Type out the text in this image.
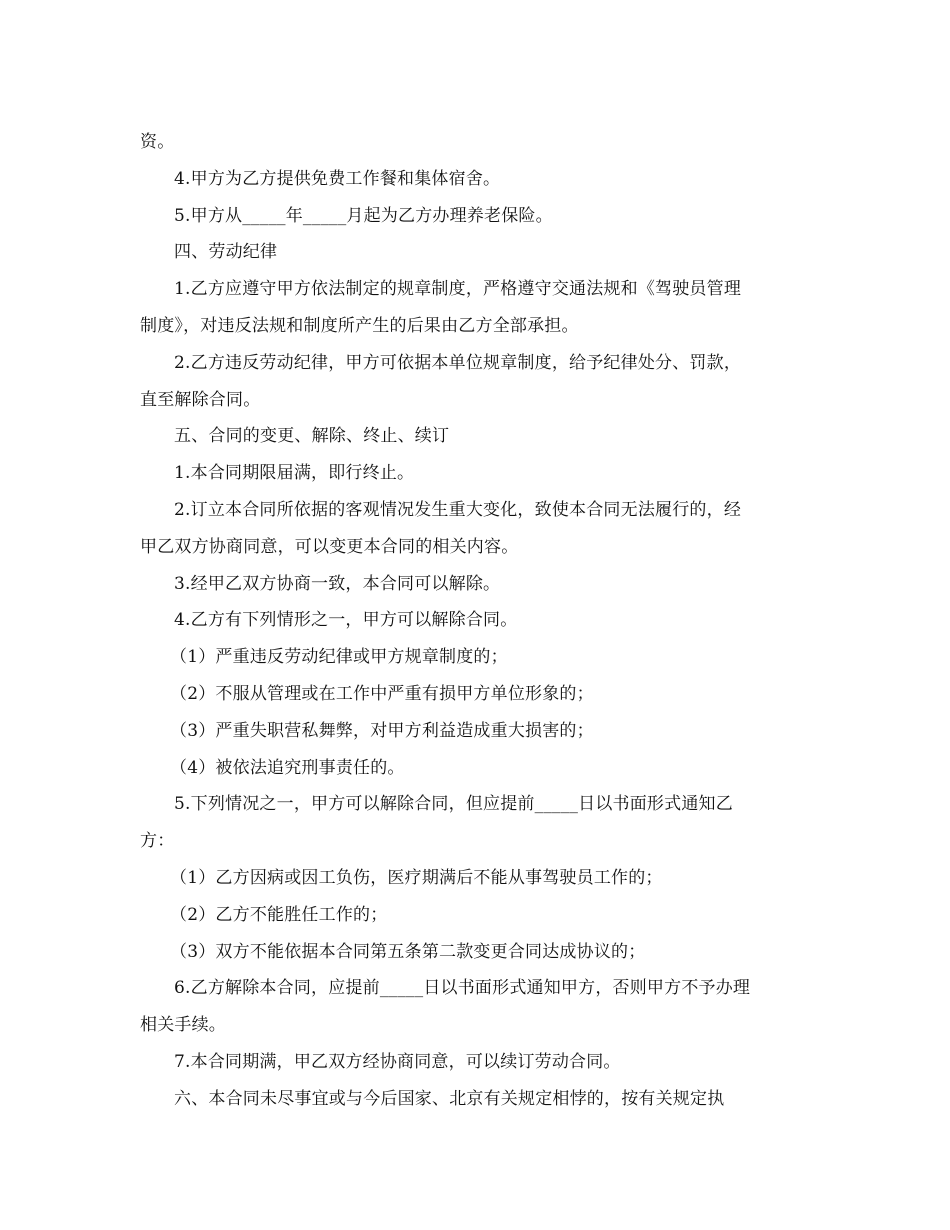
资。
4.甲方为乙方提供免费工作餐和集体宿舍。
5.甲方从_____年_____月起为乙方办理养老保险。
四、劳动纪律
1.乙方应遵守甲方依法制定的规章制度，严格遵守交通法规和《驾驶员管理
制度》，对违反法规和制度所产生的后果由乙方全部承担。
2.乙方违反劳动纪律，甲方可依据本单位规章制度，给予纪律处分、罚款，
直至解除合同。
五、合同的变更、解除、终止、续订
1.本合同期限届满，即行终止。
2.订立本合同所依据的客观情况发生重大变化，致使本合同无法履行的，经
甲乙双方协商同意，可以变更本合同的相关内容。
3.经甲乙双方协商一致，本合同可以解除。
4.乙方有下列情形之一，甲方可以解除合同。
（1）严重违反劳动纪律或甲方规章制度的；
（2）不服从管理或在工作中严重有损甲方单位形象的；
（3）严重失职营私舞弊，对甲方利益造成重大损害的；
（4）被依法追究刑事责任的。
5.下列情况之一，甲方可以解除合同，但应提前_____日以书面形式通知乙
方：
（1）乙方因病或因工负伤，医疗期满后不能从事驾驶员工作的；
（2）乙方不能胜任工作的；
（3）双方不能依据本合同第五条第二款变更合同达成协议的；
6.乙方解除本合同，应提前_____日以书面形式通知甲方，否则甲方不予办理
相关手续。
7.本合同期满，甲乙双方经协商同意，可以续订劳动合同。
六、本合同未尽事宜或与今后国家、北京有关规定相悖的，按有关规定执
